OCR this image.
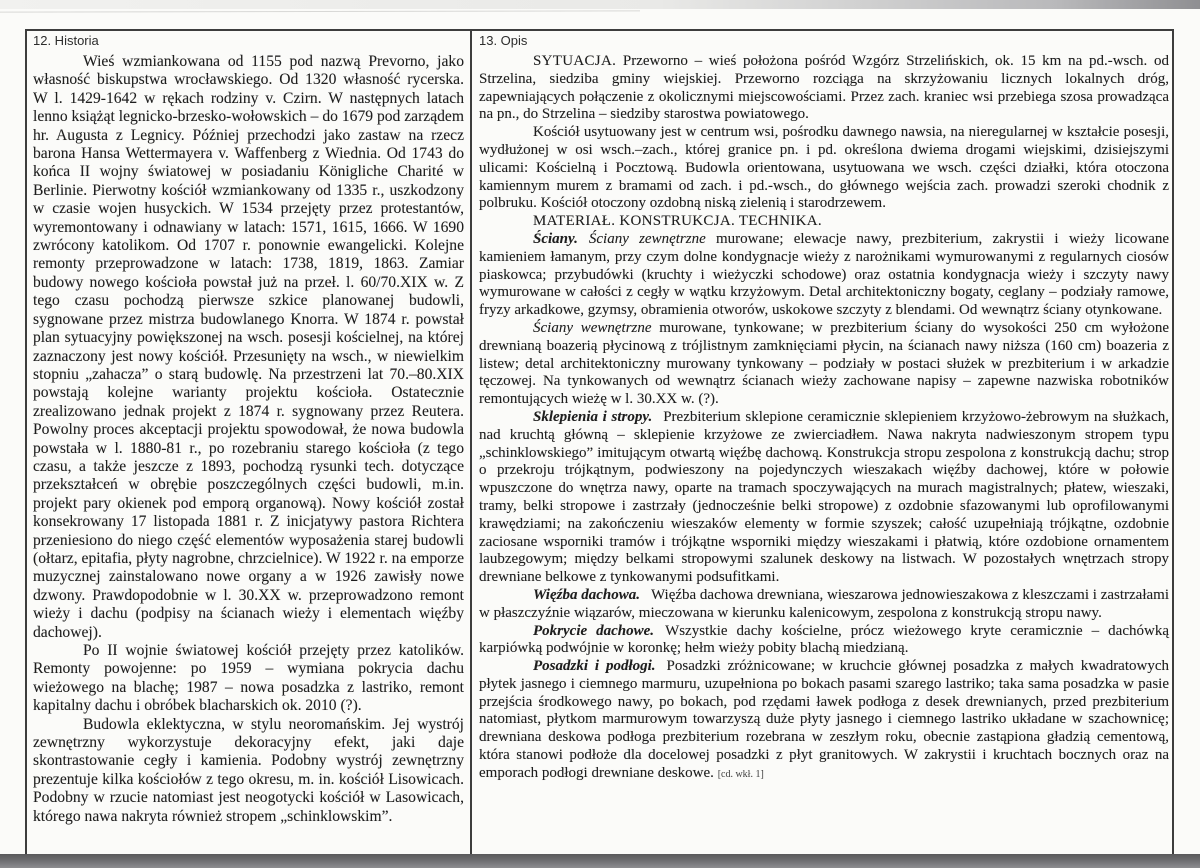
12. Historia

Wieś wzmiankowana od 1155 pod nazwą Prevorno, jako własność biskupstwa wrocławskiego. Od 1320 własność rycerska. W l. 1429-1642 w rękach rodziny v. Czirn. W następnych latach lenno książąt legnicko-brzesko-wołowskich – do 1679 pod zarządem hr. Augusta z Legnicy. Później przechodzi jako zastaw na rzecz barona Hansa Wettermayera v. Waffenberg z Wiednia. Od 1743 do końca II wojny światowej w posiadaniu Königliche Charité w Berlinie. Pierwotny kościół wzmiankowany od 1335 r., uszkodzony w czasie wojen husyckich. W 1534 przejęty przez protestantów, wyremontowany i odnawiany w latach: 1571, 1615, 1666. W 1690 zwrócony katolikom. Od 1707 r. ponownie ewangelicki. Kolejne remonty przeprowadzone w latach: 1738, 1819, 1863. Zamiar budowy nowego kościoła powstał już na przeł. l. 60/70.XIX w. Z tego czasu pochodzą pierwsze szkice planowanej budowli, sygnowane przez mistrza budowlanego Knorra. W 1874 r. powstał plan sytuacyjny powiększonej na wsch. posesji kościelnej, na której zaznaczony jest nowy kościół. Przesunięty na wsch., w niewielkim stopniu „zahacza” o starą budowlę. Na przestrzeni lat 70.–80.XIX powstają kolejne warianty projektu kościoła. Ostatecznie zrealizowano jednak projekt z 1874 r. sygnowany przez Reutera. Powolny proces akceptacji projektu spowodował, że nowa budowla powstała w l. 1880-81 r., po rozebraniu starego kościoła (z tego czasu, a także jeszcze z 1893, pochodzą rysunki tech. dotyczące przekształceń w obrębie poszczególnych części budowli, m.in. projekt pary okienek pod emporą organową). Nowy kościół został konsekrowany 17 listopada 1881 r. Z inicjatywy pastora Richtera przeniesiono do niego część elementów wyposażenia starej budowli (ołtarz, epitafia, płyty nagrobne, chrzcielnice). W 1922 r. na emporze muzycznej zainstalowano nowe organy a w 1926 zawisły nowe dzwony. Prawdopodobnie w l. 30.XX w. przeprowadzono remont wieży i dachu (podpisy na ścianach wieży i elementach więźby dachowej).

Po II wojnie światowej kościół przejęty przez katolików. Remonty powojenne: po 1959 – wymiana pokrycia dachu wieżowego na blachę; 1987 – nowa posadzka z lastriko, remont kapitalny dachu i obróbek blacharskich ok. 2010 (?).

Budowla eklektyczna, w stylu neoromańskim. Jej wystrój zewnętrzny wykorzystuje dekoracyjny efekt, jaki daje skontrastowanie cegły i kamienia. Podobny wystrój zewnętrzny prezentuje kilka kościołów z tego okresu, m. in. kościół Lisowicach. Podobny w rzucie natomiast jest neogotycki kościół w Lasowicach, którego nawa nakryta również stropem „schinklowskim”.

13. Opis

SYTUACJA. Przeworno – wieś położona pośród Wzgórz Strzelińskich, ok. 15 km na pd.-wsch. od Strzelina, siedziba gminy wiejskiej. Przeworno rozciąga na skrzyżowaniu licznych lokalnych dróg, zapewniających połączenie z okolicznymi miejscowościami. Przez zach. kraniec wsi przebiega szosa prowadząca na pn., do Strzelina – siedziby starostwa powiatowego.

Kościół usytuowany jest w centrum wsi, pośrodku dawnego nawsia, na nieregularnej w kształcie posesji, wydłużonej w osi wsch.–zach., której granice pn. i pd. określona dwiema drogami wiejskimi, dzisiejszymi ulicami: Kościelną i Pocztową. Budowla orientowana, usytuowana we wsch. części działki, która otoczona kamiennym murem z bramami od zach. i pd.-wsch., do głównego wejścia zach. prowadzi szeroki chodnik z polbruku. Kościół otoczony ozdobną niską zielenią i starodrzewem.

MATERIAŁ. KONSTRUKCJA. TECHNIKA.

Ściany. Ściany zewnętrzne murowane; elewacje nawy, prezbiterium, zakrystii i wieży licowane kamieniem łamanym, przy czym dolne kondygnacje wieży z narożnikami wymurowanymi z regularnych ciosów piaskowca; przybudówki (kruchty i wieżyczki schodowe) oraz ostatnia kondygnacja wieży i szczyty nawy wymurowane w całości z cegły w wątku krzyżowym. Detal architektoniczny bogaty, ceglany – podziały ramowe, fryzy arkadkowe, gzymsy, obramienia otworów, uskokowe szczyty z blendami. Od wewnątrz ściany otynkowane.

Ściany wewnętrzne murowane, tynkowane; w prezbiterium ściany do wysokości 250 cm wyłożone drewnianą boazerią płycinową z trójlistnym zamknięciami płycin, na ścianach nawy niższa (160 cm) boazeria z listew; detal architektoniczny murowany tynkowany – podziały w postaci służek w prezbiterium i w arkadzie tęczowej. Na tynkowanych od wewnątrz ścianach wieży zachowane napisy – zapewne nazwiska robotników remontujących wieżę w l. 30.XX w. (?).

Sklepienia i stropy. Prezbiterium sklepione ceramicznie sklepieniem krzyżowo-żebrowym na służkach, nad kruchtą główną – sklepienie krzyżowe ze zwierciadłem. Nawa nakryta nadwieszonym stropem typu „schinklowskiego” imitującym otwartą więźbę dachową. Konstrukcja stropu zespolona z konstrukcją dachu; strop o przekroju trójkątnym, podwieszony na pojedynczych wieszakach więźby dachowej, które w połowie wpuszczone do wnętrza nawy, oparte na tramach spoczywających na murach magistralnych; płatew, wieszaki, tramy, belki stropowe i zastrzały (jednocześnie belki stropowe) z ozdobnie sfazowanymi lub oprofilowanymi krawędziami; na zakończeniu wieszaków elementy w formie szyszek; całość uzupełniają trójkątne, ozdobnie zaciosane wsporniki tramów i trójkątne wsporniki między wieszakami i płatwią, które ozdobione ornamentem laubzegowym; między belkami stropowymi szalunek deskowy na listwach. W pozostałych wnętrzach stropy drewniane belkowe z tynkowanymi podsufitkami.

Więźba dachowa. Więźba dachowa drewniana, wieszarowa jednowieszakowa z kleszczami i zastrzałami w płaszczyźnie wiązarów, mieczowana w kierunku kalenicowym, zespolona z konstrukcją stropu nawy.

Pokrycie dachowe. Wszystkie dachy kościelne, prócz wieżowego kryte ceramicznie – dachówką karpiówką podwójnie w koronkę; hełm wieży pobity blachą miedzianą.

Posadzki i podłogi. Posadzki zróżnicowane; w kruchcie głównej posadzka z małych kwadratowych płytek jasnego i ciemnego marmuru, uzupełniona po bokach pasami szarego lastriko; taka sama posadzka w pasie przejścia środkowego nawy, po bokach, pod rzędami ławek podłoga z desek drewnianych, przed prezbiterium natomiast, płytkom marmurowym towarzyszą duże płyty jasnego i ciemnego lastriko układane w szachownicę; drewniana deskowa podłoga prezbiterium rozebrana w zeszłym roku, obecnie zastąpiona gładzią cementową, która stanowi podłoże dla docelowej posadzki z płyt granitowych. W zakrystii i kruchtach bocznych oraz na emporach podłogi drewniane deskowe. [cd. wkł. 1]
